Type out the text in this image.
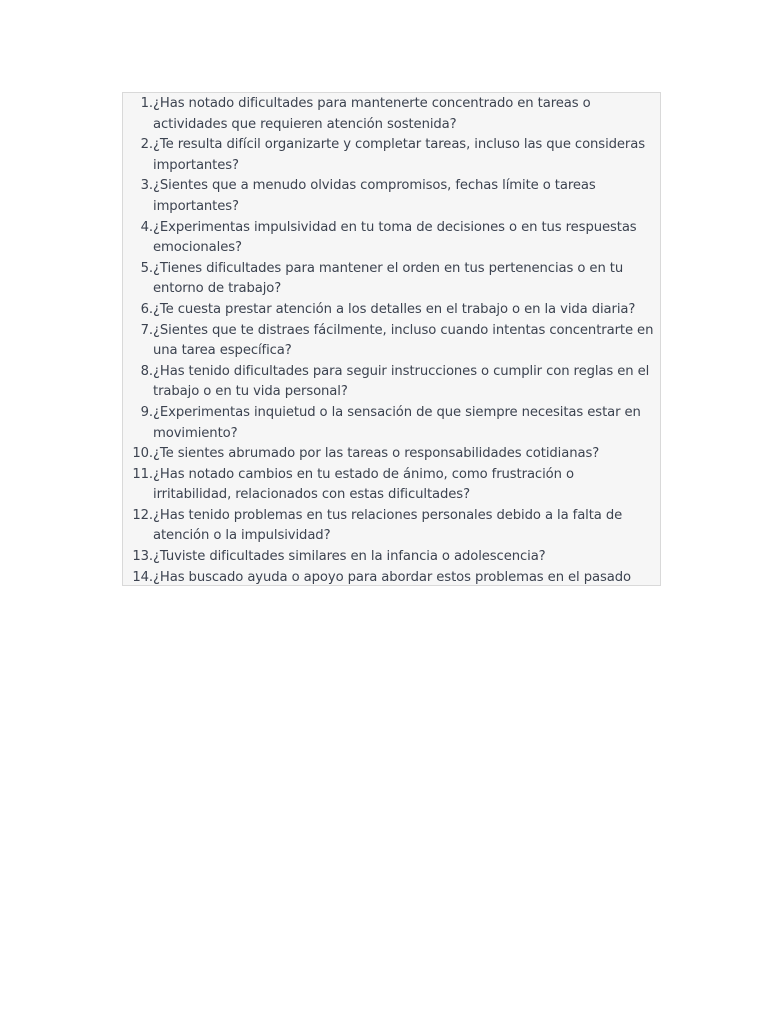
1. ¿Has notado dificultades para mantenerte concentrado en tareas o actividades que requieren atención sostenida?
2. ¿Te resulta difícil organizarte y completar tareas, incluso las que consideras importantes?
3. ¿Sientes que a menudo olvidas compromisos, fechas límite o tareas importantes?
4. ¿Experimentas impulsividad en tu toma de decisiones o en tus respuestas emocionales?
5. ¿Tienes dificultades para mantener el orden en tus pertenencias o en tu entorno de trabajo?
6. ¿Te cuesta prestar atención a los detalles en el trabajo o en la vida diaria?
7. ¿Sientes que te distraes fácilmente, incluso cuando intentas concentrarte en una tarea específica?
8. ¿Has tenido dificultades para seguir instrucciones o cumplir con reglas en el trabajo o en tu vida personal?
9. ¿Experimentas inquietud o la sensación de que siempre necesitas estar en movimiento?
10. ¿Te sientes abrumado por las tareas o responsabilidades cotidianas?
11. ¿Has notado cambios en tu estado de ánimo, como frustración o irritabilidad, relacionados con estas dificultades?
12. ¿Has tenido problemas en tus relaciones personales debido a la falta de atención o la impulsividad?
13. ¿Tuviste dificultades similares en la infancia o adolescencia?
14. ¿Has buscado ayuda o apoyo para abordar estos problemas en el pasado
